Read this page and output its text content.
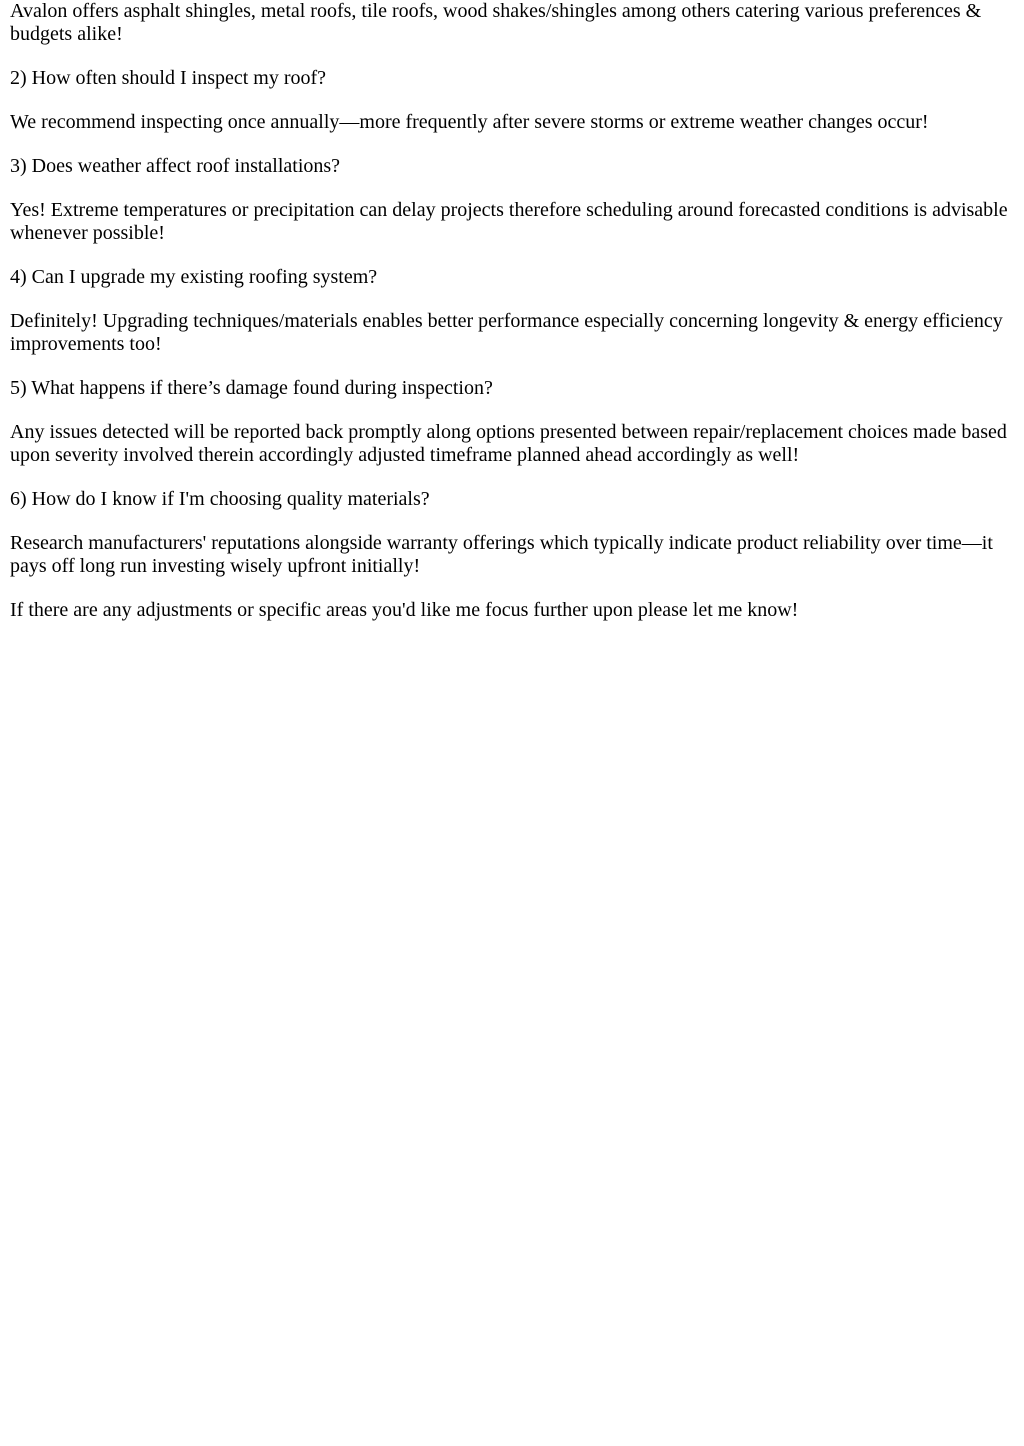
Avalon offers asphalt shingles, metal roofs, tile roofs, wood shakes/shingles among others catering various preferences & budgets alike!

2) How often should I inspect my roof?

We recommend inspecting once annually—more frequently after severe storms or extreme weather changes occur!

3) Does weather affect roof installations?

Yes! Extreme temperatures or precipitation can delay projects therefore scheduling around forecasted conditions is advisable whenever possible!

4) Can I upgrade my existing roofing system?

Definitely! Upgrading techniques/materials enables better performance especially concerning longevity & energy efficiency improvements too!

5) What happens if there’s damage found during inspection?

Any issues detected will be reported back promptly along options presented between repair/replacement choices made based upon severity involved therein accordingly adjusted timeframe planned ahead accordingly as well!

6) How do I know if I'm choosing quality materials?

Research manufacturers' reputations alongside warranty offerings which typically indicate product reliability over time—it pays off long run investing wisely upfront initially!

If there are any adjustments or specific areas you'd like me focus further upon please let me know!
